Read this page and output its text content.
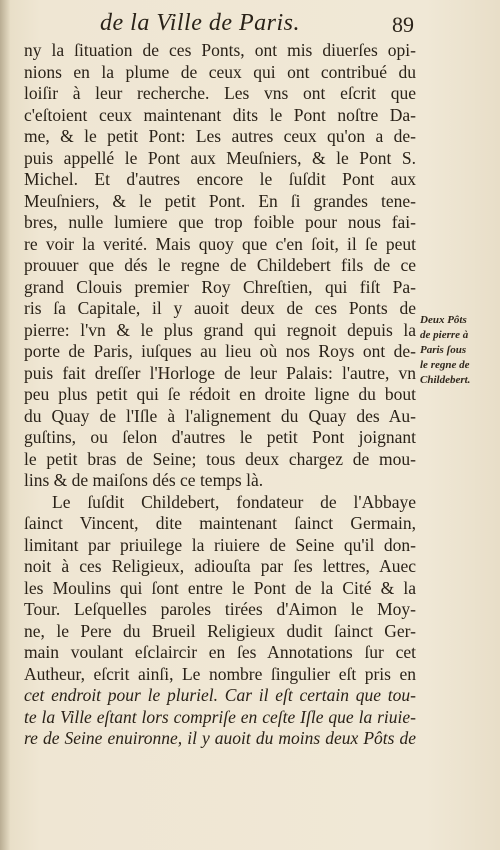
de la Ville de Paris.	89
ny la ſituation de ces Ponts, ont mis diuerſes opi-
nions en la plume de ceux qui ont contribué du
loiſir à leur recherche. Les vns ont eſcrit que
c'eſtoient ceux maintenant dits le Pont noſtre Da-
me, & le petit Pont: Les autres ceux qu'on a de-
puis appellé le Pont aux Meuſniers, & le Pont S.
Michel. Et d'autres encore le ſuſdit Pont aux
Meuſniers, & le petit Pont. En ſi grandes tene-
bres, nulle lumiere que trop foible pour nous fai-
re voir la verité. Mais quoy que c'en ſoit, il ſe peut
prouuer que dés le regne de Childebert fils de ce
grand Clouis premier Roy Chreſtien, qui fiſt Pa-
ris ſa Capitale, il y auoit deux de ces Ponts de
pierre: l'vn & le plus grand qui regnoit depuis la
porte de Paris, iuſques au lieu où nos Roys ont de-
puis fait dreſſer l'Horloge de leur Palais: l'autre, vn
peu plus petit qui ſe rédoit en droite ligne du bout
du Quay de l'Iſle à l'alignement du Quay des Au-
guſtins, ou ſelon d'autres le petit Pont joignant
le petit bras de Seine; tous deux chargez de mou-
lins & de maiſons dés ce temps là.
Le ſuſdit Childebert, fondateur de l'Abbaye
ſainct Vincent, dite maintenant ſainct Germain,
limitant par priuilege la riuiere de Seine qu'il don-
noit à ces Religieux, adiouſta par ſes lettres, Auec
les Moulins qui ſont entre le Pont de la Cité & la
Tour. Leſquelles paroles tirées d'Aimon le Moy-
ne, le Pere du Brueil Religieux dudit ſainct Ger-
main voulant eſclaircir en ſes Annotations ſur cet
Autheur, eſcrit ainſi, Le nombre ſingulier eſt pris en
cet endroit pour le pluriel. Car il eſt certain que tou-
te la Ville eſtant lors compriſe en ceſte Iſle que la riuie-
re de Seine enuironne, il y auoit du moins deux Pôts de
Deux Pôts
de pierre à
Paris ſous
le regne de
Childebert.
